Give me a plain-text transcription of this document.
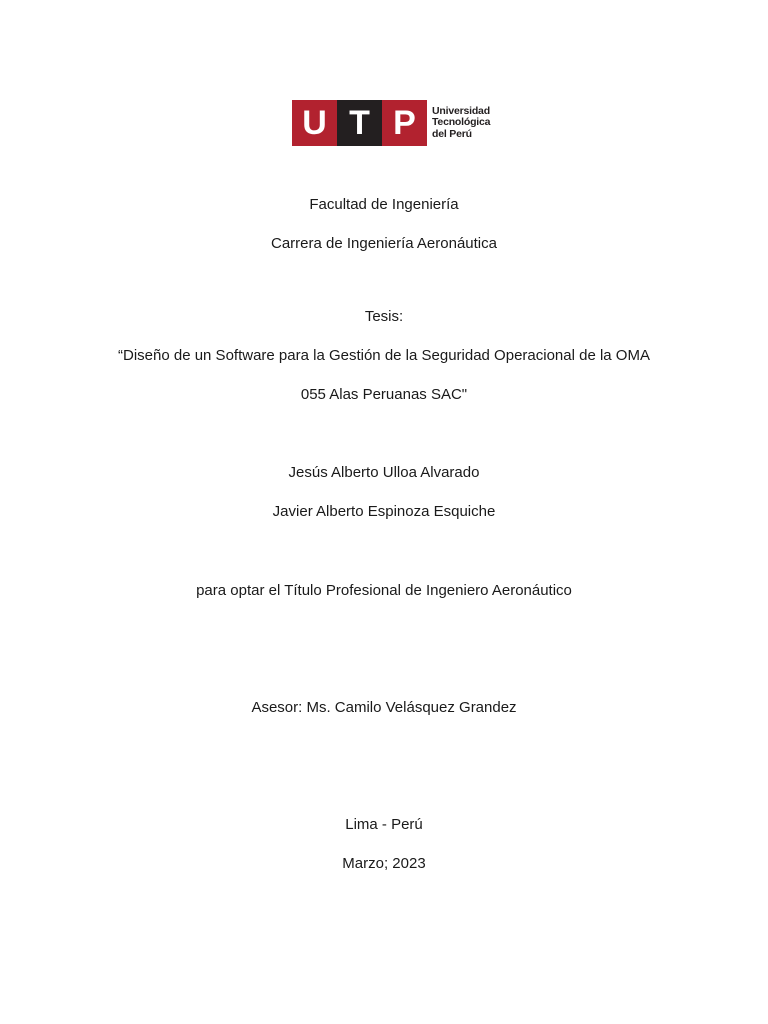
U T P	Universidad
Tecnológica
del Perú
Facultad de Ingeniería
Carrera de Ingeniería Aeronáutica
Tesis:
“Diseño de un Software para la Gestión de la Seguridad Operacional de la OMA
055 Alas Peruanas SAC"
Jesús Alberto Ulloa Alvarado
Javier Alberto Espinoza Esquiche
para optar el Título Profesional de Ingeniero Aeronáutico
Asesor: Ms. Camilo Velásquez Grandez
Lima - Perú
Marzo; 2023
